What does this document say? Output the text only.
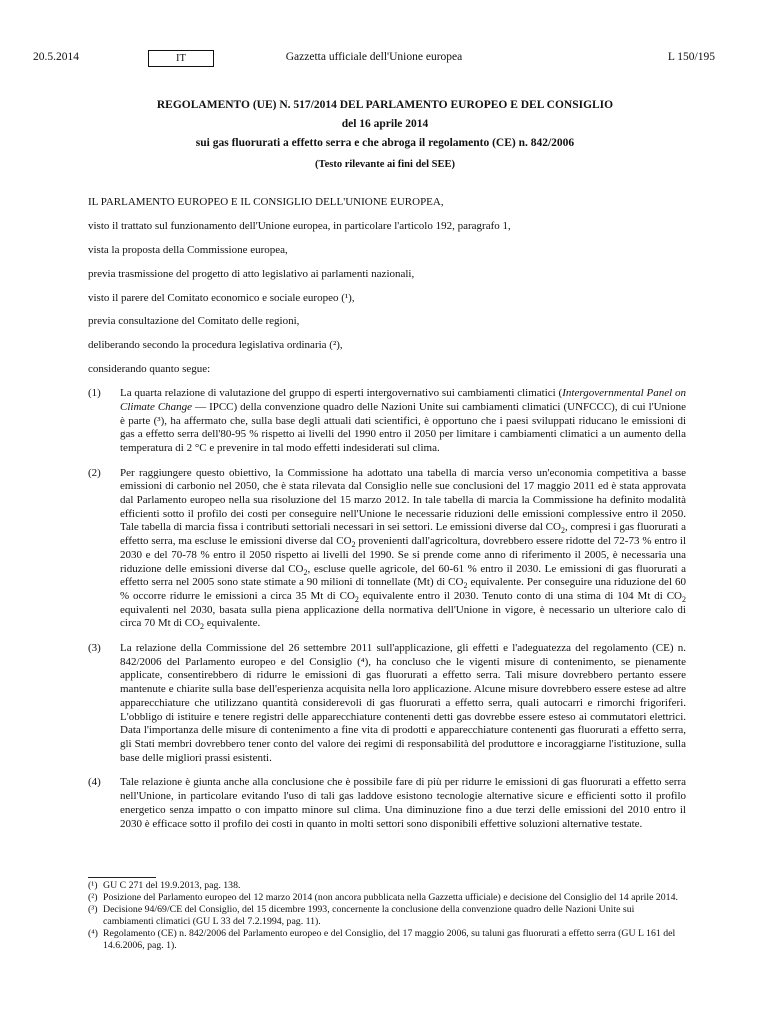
20.5.2014	IT	Gazzetta ufficiale dell'Unione europea	L 150/195
REGOLAMENTO (UE) N. 517/2014 DEL PARLAMENTO EUROPEO E DEL CONSIGLIO
del 16 aprile 2014
sui gas fluorurati a effetto serra e che abroga il regolamento (CE) n. 842/2006
(Testo rilevante ai fini del SEE)

IL PARLAMENTO EUROPEO E IL CONSIGLIO DELL'UNIONE EUROPEA,

visto il trattato sul funzionamento dell'Unione europea, in particolare l'articolo 192, paragrafo 1,

vista la proposta della Commissione europea,

previa trasmissione del progetto di atto legislativo ai parlamenti nazionali,

visto il parere del Comitato economico e sociale europeo (¹),

previa consultazione del Comitato delle regioni,

deliberando secondo la procedura legislativa ordinaria (²),

considerando quanto segue:

(1)	La quarta relazione di valutazione del gruppo di esperti intergovernativo sui cambiamenti climatici (Intergovernmental Panel on Climate Change — IPCC) della convenzione quadro delle Nazioni Unite sui cambiamenti climatici (UNFCCC), di cui l'Unione è parte (³), ha affermato che, sulla base degli attuali dati scientifici, è opportuno che i paesi sviluppati riducano le emissioni di gas a effetto serra dell'80-95 % rispetto ai livelli del 1990 entro il 2050 per limitare i cambiamenti climatici a un aumento della temperatura di 2 °C e prevenire in tal modo effetti indesiderati sul clima.
(2)	Per raggiungere questo obiettivo, la Commissione ha adottato una tabella di marcia verso un'economia competitiva a basse emissioni di carbonio nel 2050, che è stata rilevata dal Consiglio nelle sue conclusioni del 17 maggio 2011 ed è stata approvata dal Parlamento europeo nella sua risoluzione del 15 marzo 2012. In tale tabella di marcia la Commissione ha definito modalità efficienti sotto il profilo dei costi per conseguire nell'Unione le necessarie riduzioni delle emissioni complessive entro il 2050. Tale tabella di marcia fissa i contributi settoriali necessari in sei settori. Le emissioni diverse dal $CO_2$, compresi i gas fluorurati a effetto serra, ma escluse le emissioni diverse dal $CO_2$ provenienti dall'agricoltura, dovrebbero essere ridotte del 72-73 % entro il 2030 e del 70-78 % entro il 2050 rispetto ai livelli del 1990. Se si prende come anno di riferimento il 2005, è necessaria una riduzione delle emissioni diverse dal $CO_2$, escluse quelle agricole, del 60-61 % entro il 2030. Le emissioni di gas fluorurati a effetto serra nel 2005 sono state stimate a 90 milioni di tonnellate (Mt) di $CO_2$ equivalente. Per conseguire una riduzione del 60 % occorre ridurre le emissioni a circa 35 Mt di $CO_2$ equivalente entro il 2030. Tenuto conto di una stima di 104 Mt di $CO_2$ equivalenti nel 2030, basata sulla piena applicazione della normativa dell'Unione in vigore, è necessario un ulteriore calo di circa 70 Mt di $CO_2$ equivalente.
(3)	La relazione della Commissione del 26 settembre 2011 sull'applicazione, gli effetti e l'adeguatezza del regolamento (CE) n. 842/2006 del Parlamento europeo e del Consiglio (⁴), ha concluso che le vigenti misure di contenimento, se pienamente applicate, consentirebbero di ridurre le emissioni di gas fluorurati a effetto serra. Tali misure dovrebbero pertanto essere mantenute e chiarite sulla base dell'esperienza acquisita nella loro applicazione. Alcune misure dovrebbero essere estese ad altre apparecchiature che utilizzano quantità considerevoli di gas fluorurati a effetto serra, quali autocarri e rimorchi frigoriferi. L'obbligo di istituire e tenere registri delle apparecchiature contenenti detti gas dovrebbe essere esteso ai commutatori elettrici. Data l'importanza delle misure di contenimento a fine vita di prodotti e apparecchiature contenenti gas fluorurati a effetto serra, gli Stati membri dovrebbero tener conto del valore dei regimi di responsabilità del produttore e incoraggiarne l'istituzione, sulla base delle migliori prassi esistenti.
(4)	Tale relazione è giunta anche alla conclusione che è possibile fare di più per ridurre le emissioni di gas fluorurati a effetto serra nell'Unione, in particolare evitando l'uso di tali gas laddove esistono tecnologie alternative sicure e efficienti sotto il profilo energetico senza impatto o con impatto minore sul clima. Una diminuzione fino a due terzi delle emissioni del 2010 entro il 2030 è efficace sotto il profilo dei costi in quanto in molti settori sono disponibili effettive soluzioni alternative testate.
(¹) GU C 271 del 19.9.2013, pag. 138.
(²) Posizione del Parlamento europeo del 12 marzo 2014 (non ancora pubblicata nella Gazzetta ufficiale) e decisione del Consiglio del 14 aprile 2014.
(³) Decisione 94/69/CE del Consiglio, del 15 dicembre 1993, concernente la conclusione della convenzione quadro delle Nazioni Unite sui cambiamenti climatici (GU L 33 del 7.2.1994, pag. 11).
(⁴) Regolamento (CE) n. 842/2006 del Parlamento europeo e del Consiglio, del 17 maggio 2006, su taluni gas fluorurati a effetto serra (GU L 161 del 14.6.2006, pag. 1).
